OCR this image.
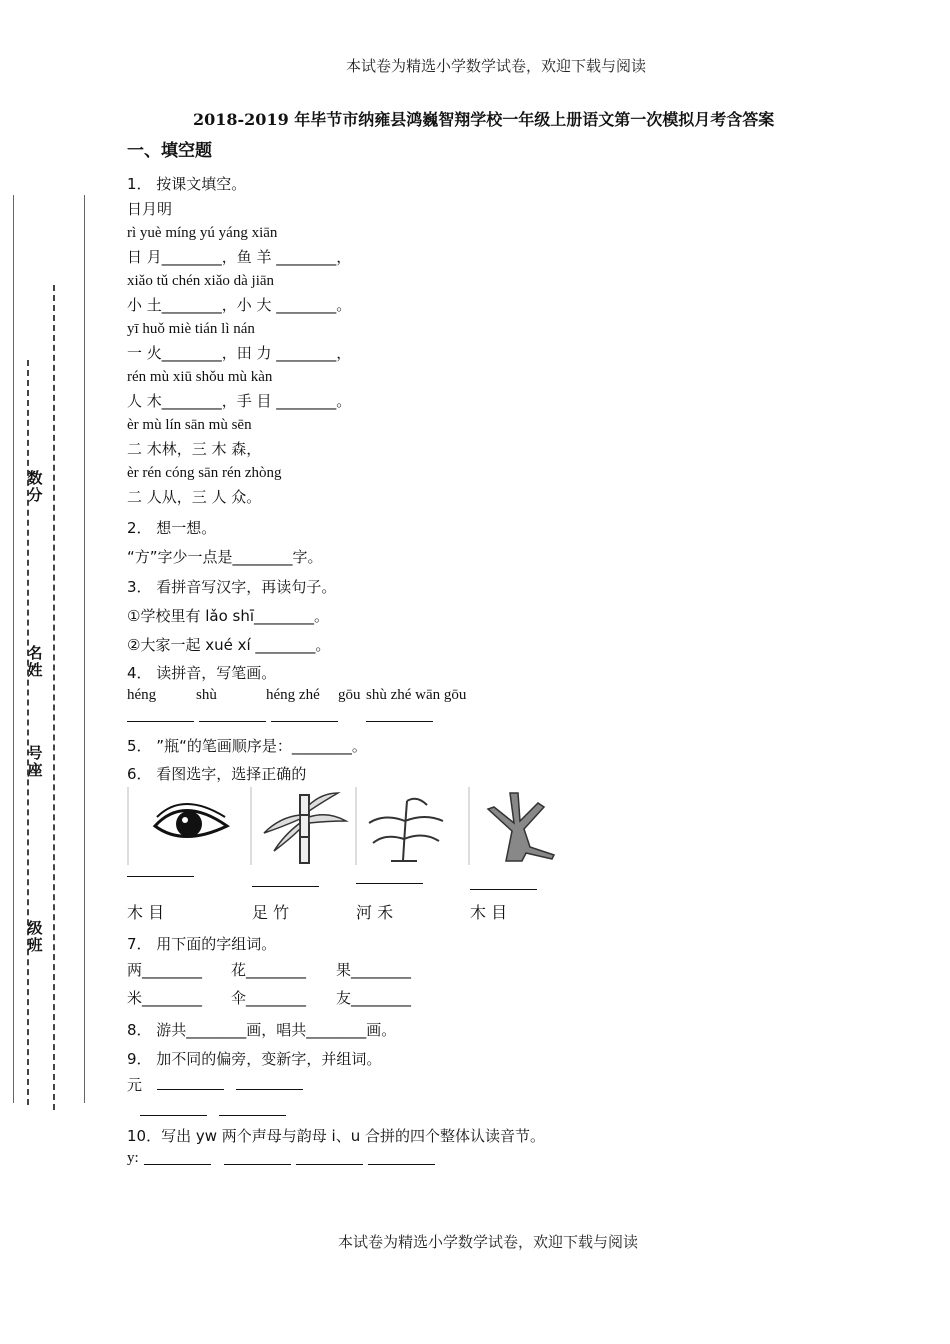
本试卷为精选小学数学试卷，欢迎下载与阅读
2018-2019 年毕节市纳雍县鸿巍智翔学校一年级上册语文第一次模拟月考含答案
一、填空题
数分
名姓
号座
级班
1． 按课文填空。
日月明
rì yuè míng yú yáng xiān
日 月________，鱼 羊 ________，
xiǎo tǔ chén xiǎo dà jiān
小 土________，小 大 ________。
yī huǒ miè tián lì nán
一 火________，田 力 ________，
rén mù xiū shǒu mù kàn
人 木________，手 目 ________。
èr mù lín sān mù sēn
二 木林，三 木 森，
èr rén cóng sān rén zhòng
二 人从，三 人 众。
2． 想一想。
“方”字少一点是________字。
3． 看拼音写汉字，再读句子。
①学校里有 lǎo shī________。
②大家一起 xué xí ________。
4． 读拼音，写笔画。
héng	shù	héng zhé gōu shù zhé wān gōu
5． ”瓶“的笔画顺序是：________。
6． 看图选字，选择正确的
木 目	足 竹	河 禾	木 目
7． 用下面的字组词。
两________ 花________ 果________
米________ 伞________ 友________
8． 游共________画，唱共________画。
9． 加不同的偏旁，变新字，并组词。
元
10．写出 yw 两个声母与韵母 i、u 合拼的四个整体认读音节。
y:
本试卷为精选小学数学试卷，欢迎下载与阅读
